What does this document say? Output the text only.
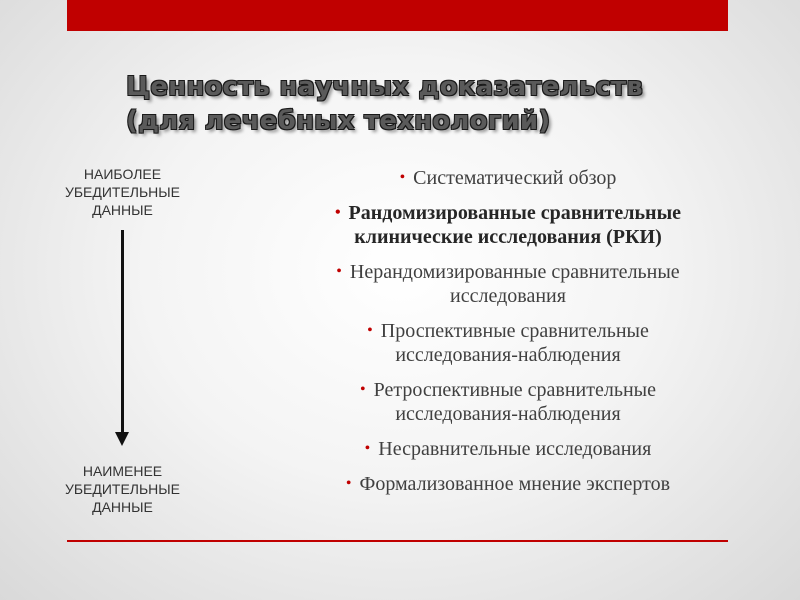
Ценность научных доказательств
(для лечебных технологий)
НАИБОЛЕЕ УБЕДИТЕЛЬНЫЕ ДАННЫЕ
НАИМЕНЕЕ УБЕДИТЕЛЬНЫЕ ДАННЫЕ
• Систематический обзор
• Рандомизированные сравнительные
клинические исследования (РКИ)
• Нерандомизированные сравнительные
исследования
• Проспективные сравнительные
исследования-наблюдения
• Ретроспективные сравнительные
исследования-наблюдения
• Несравнительные исследования
• Формализованное мнение экспертов
